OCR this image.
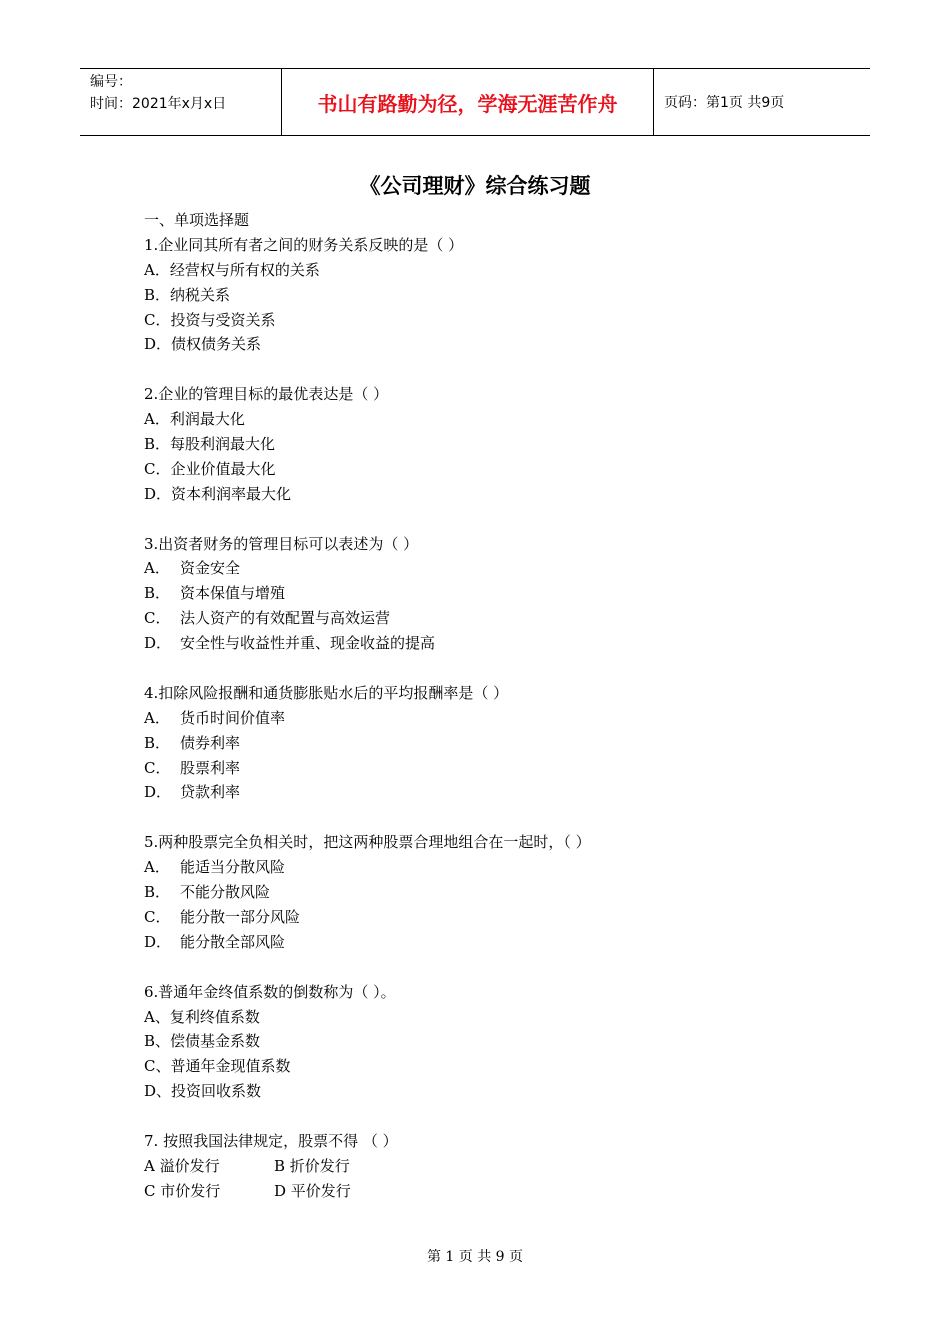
编号：
时间：2021年x月x日	书山有路勤为径，学海无涯苦作舟	页码：第1页 共9页
《公司理财》综合练习题
一、单项选择题
1.企业同其所有者之间的财务关系反映的是（ ）
A．经营权与所有权的关系
B．纳税关系
C．投资与受资关系
D．债权债务关系
2.企业的管理目标的最优表达是（ ）
A．利润最大化
B．每股利润最大化
C．企业价值最大化
D．资本利润率最大化
3.出资者财务的管理目标可以表述为（ ）
A． 资金安全
B． 资本保值与增殖
C． 法人资产的有效配置与高效运营
D． 安全性与收益性并重、现金收益的提高
4.扣除风险报酬和通货膨胀贴水后的平均报酬率是（ ）
A． 货币时间价值率
B． 债券利率
C． 股票利率
D． 贷款利率
5.两种股票完全负相关时，把这两种股票合理地组合在一起时，（ ）
A． 能适当分散风险
B． 不能分散风险
C． 能分散一部分风险
D． 能分散全部风险
6.普通年金终值系数的倒数称为（ ）。
A、复利终值系数
B、偿债基金系数
C、普通年金现值系数
D、投资回收系数
7. 按照我国法律规定，股票不得 （ ）
A 溢价发行	B 折价发行
C 市价发行	D 平价发行
第 1 页 共 9 页
